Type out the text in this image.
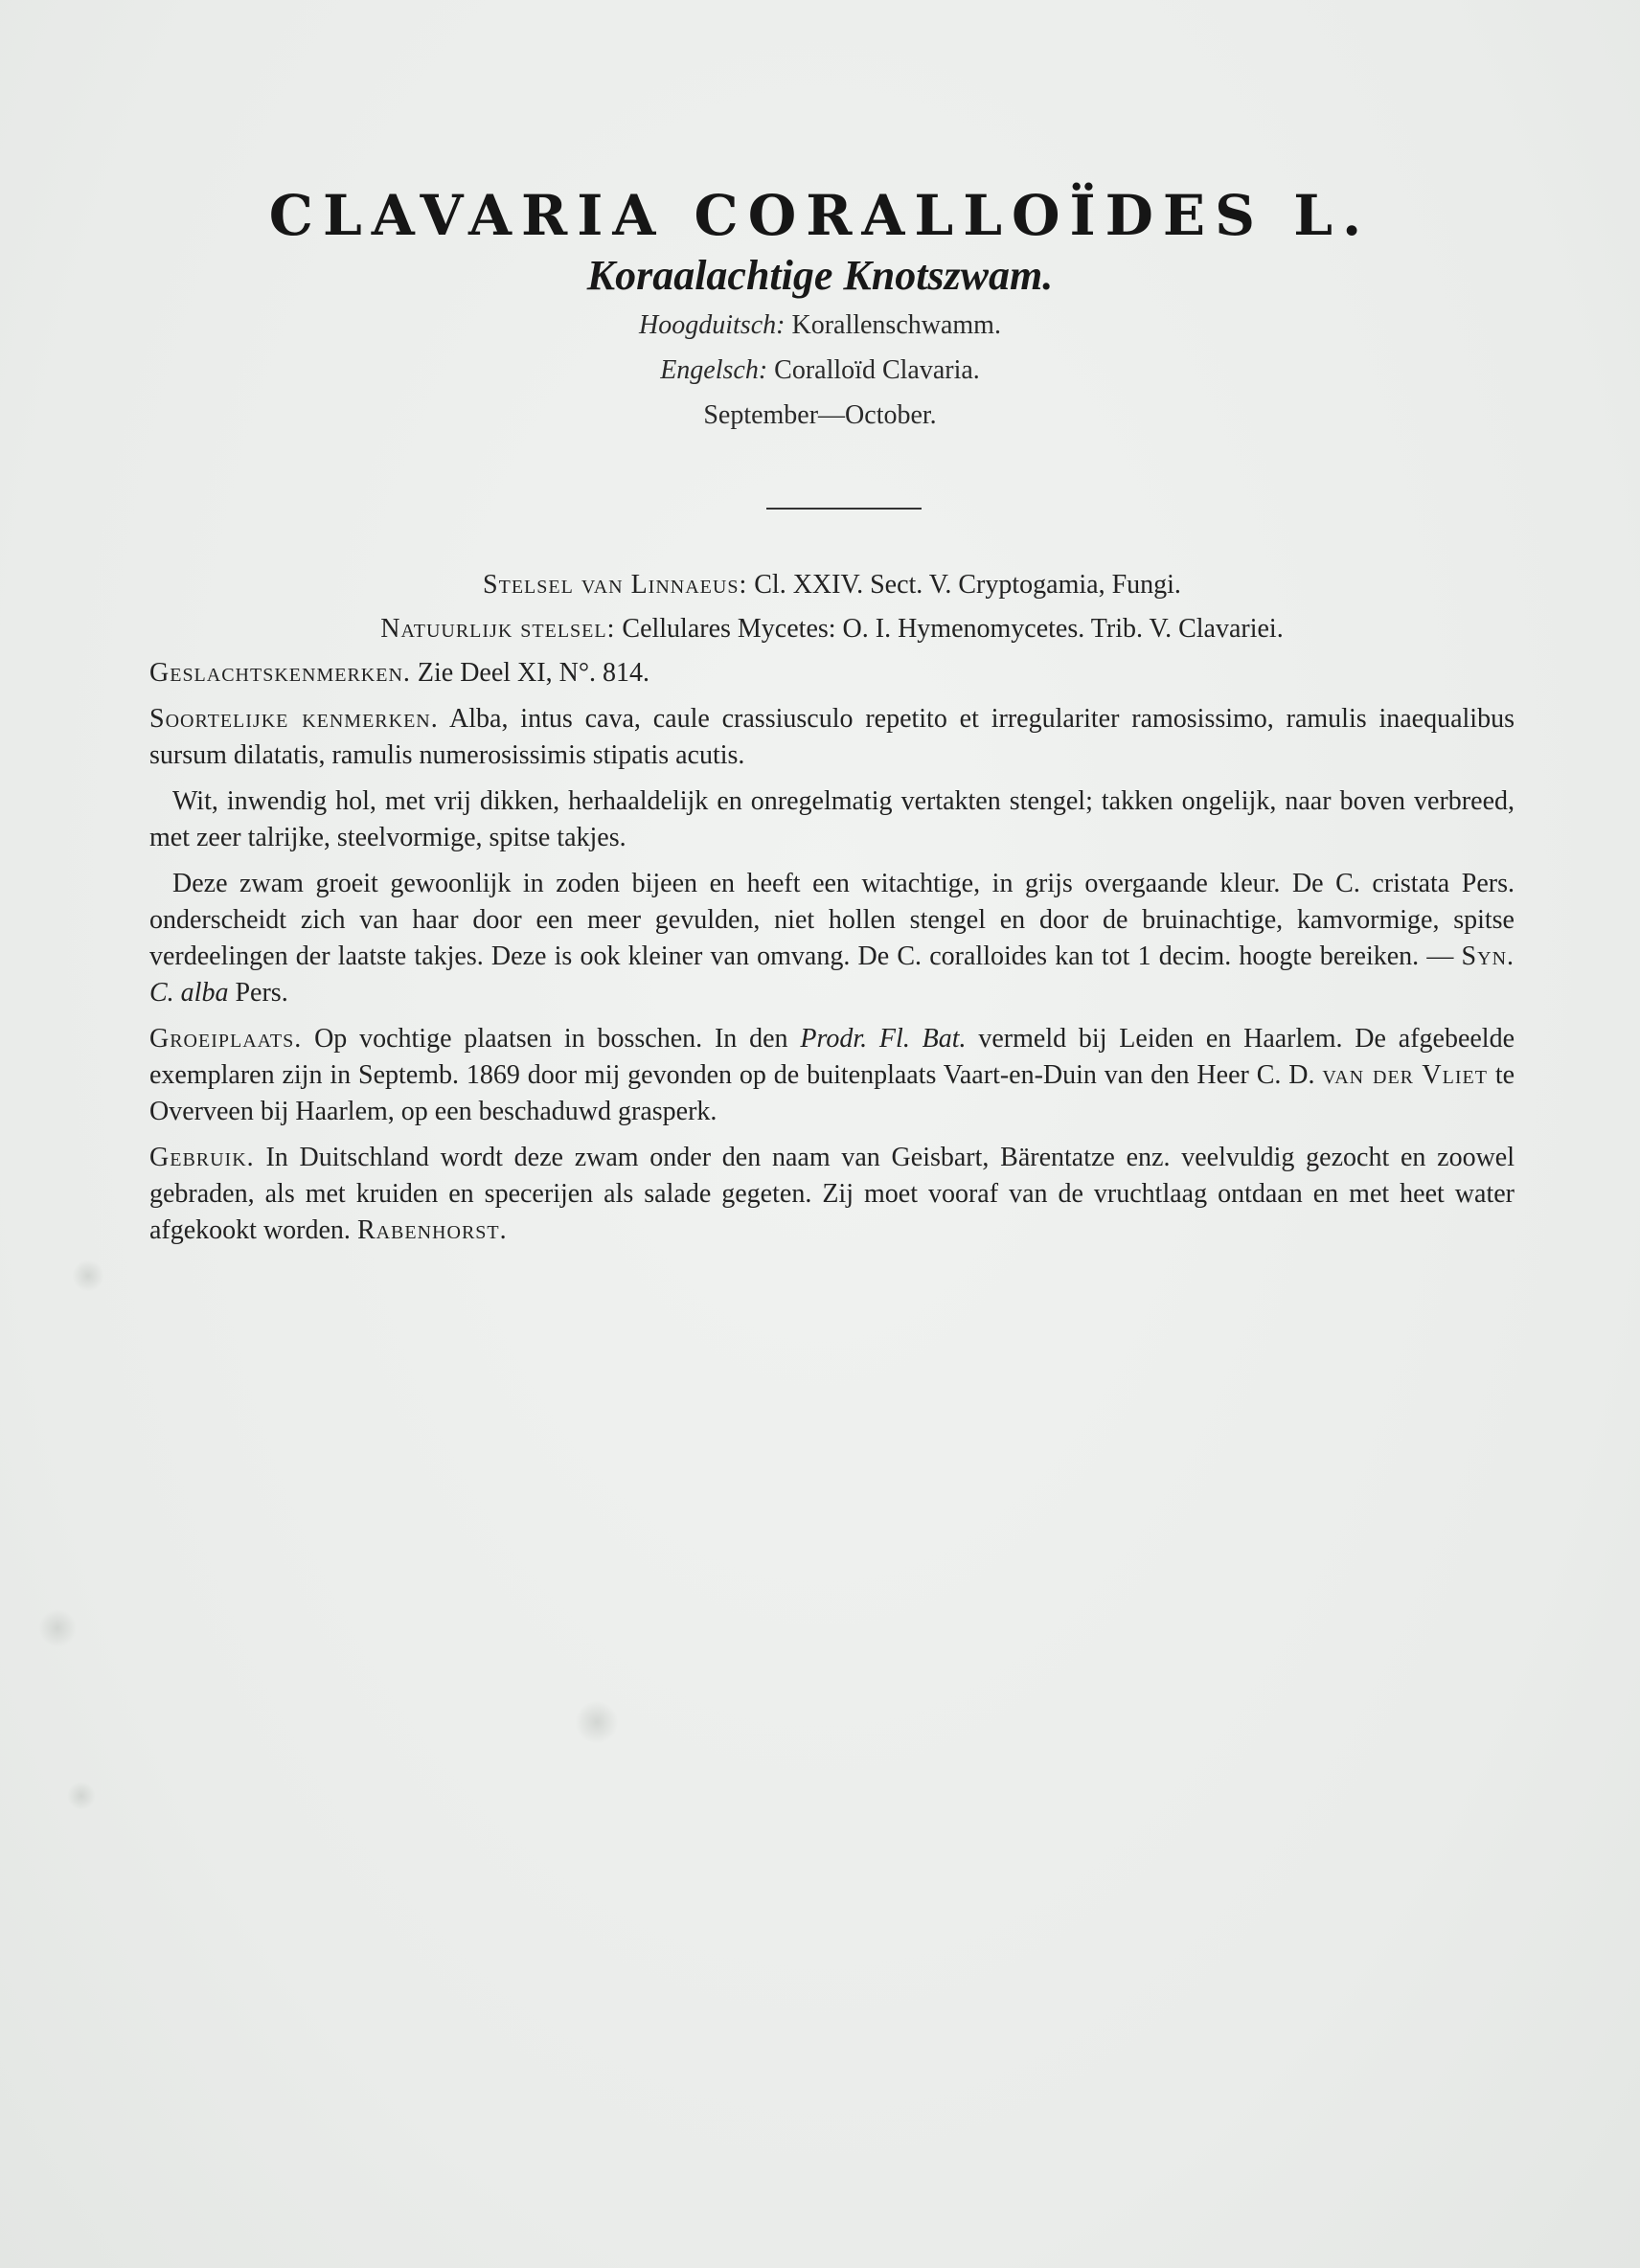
CLAVARIA CORALLOÏDES L.
Koraalachtige Knotszwam.
Hoogduitsch: Korallenschwamm.
Engelsch: Coralloïd Clavaria.
September—October.
Stelsel van Linnaeus: Cl. XXIV. Sect. V. Cryptogamia, Fungi.
Natuurlijk stelsel: Cellulares Mycetes: O. I. Hymenomycetes. Trib. V. Clavariei.

Geslachtskenmerken. Zie Deel XI, N°. 814.

Soortelijke kenmerken. Alba, intus cava, caule crassiusculo repetito et irregulariter ramosissimo, ramulis inaequalibus sursum dilatatis, ramulis numerosissimis stipatis acutis.

Wit, inwendig hol, met vrij dikken, herhaaldelijk en onregelmatig vertakten stengel; takken ongelijk, naar boven verbreed, met zeer talrijke, steelvormige, spitse takjes.

Deze zwam groeit gewoonlijk in zoden bijeen en heeft een witachtige, in grijs overgaande kleur. De C. cristata Pers. onderscheidt zich van haar door een meer gevulden, niet hollen stengel en door de bruinachtige, kamvormige, spitse verdeelingen der laatste takjes. Deze is ook kleiner van omvang. De C. coralloides kan tot 1 decim. hoogte bereiken. — Syn. C. alba Pers.

Groeiplaats. Op vochtige plaatsen in bosschen. In den Prodr. Fl. Bat. vermeld bij Leiden en Haarlem. De afgebeelde exemplaren zijn in Septemb. 1869 door mij gevonden op de buitenplaats Vaart-en-Duin van den Heer C. D. van der Vliet te Overveen bij Haarlem, op een beschaduwd grasperk.

Gebruik. In Duitschland wordt deze zwam onder den naam van Geisbart, Bärentatze enz. veelvuldig gezocht en zoowel gebraden, als met kruiden en specerijen als salade gegeten. Zij moet vooraf van de vruchtlaag ontdaan en met heet water afgekookt worden. Rabenhorst.
